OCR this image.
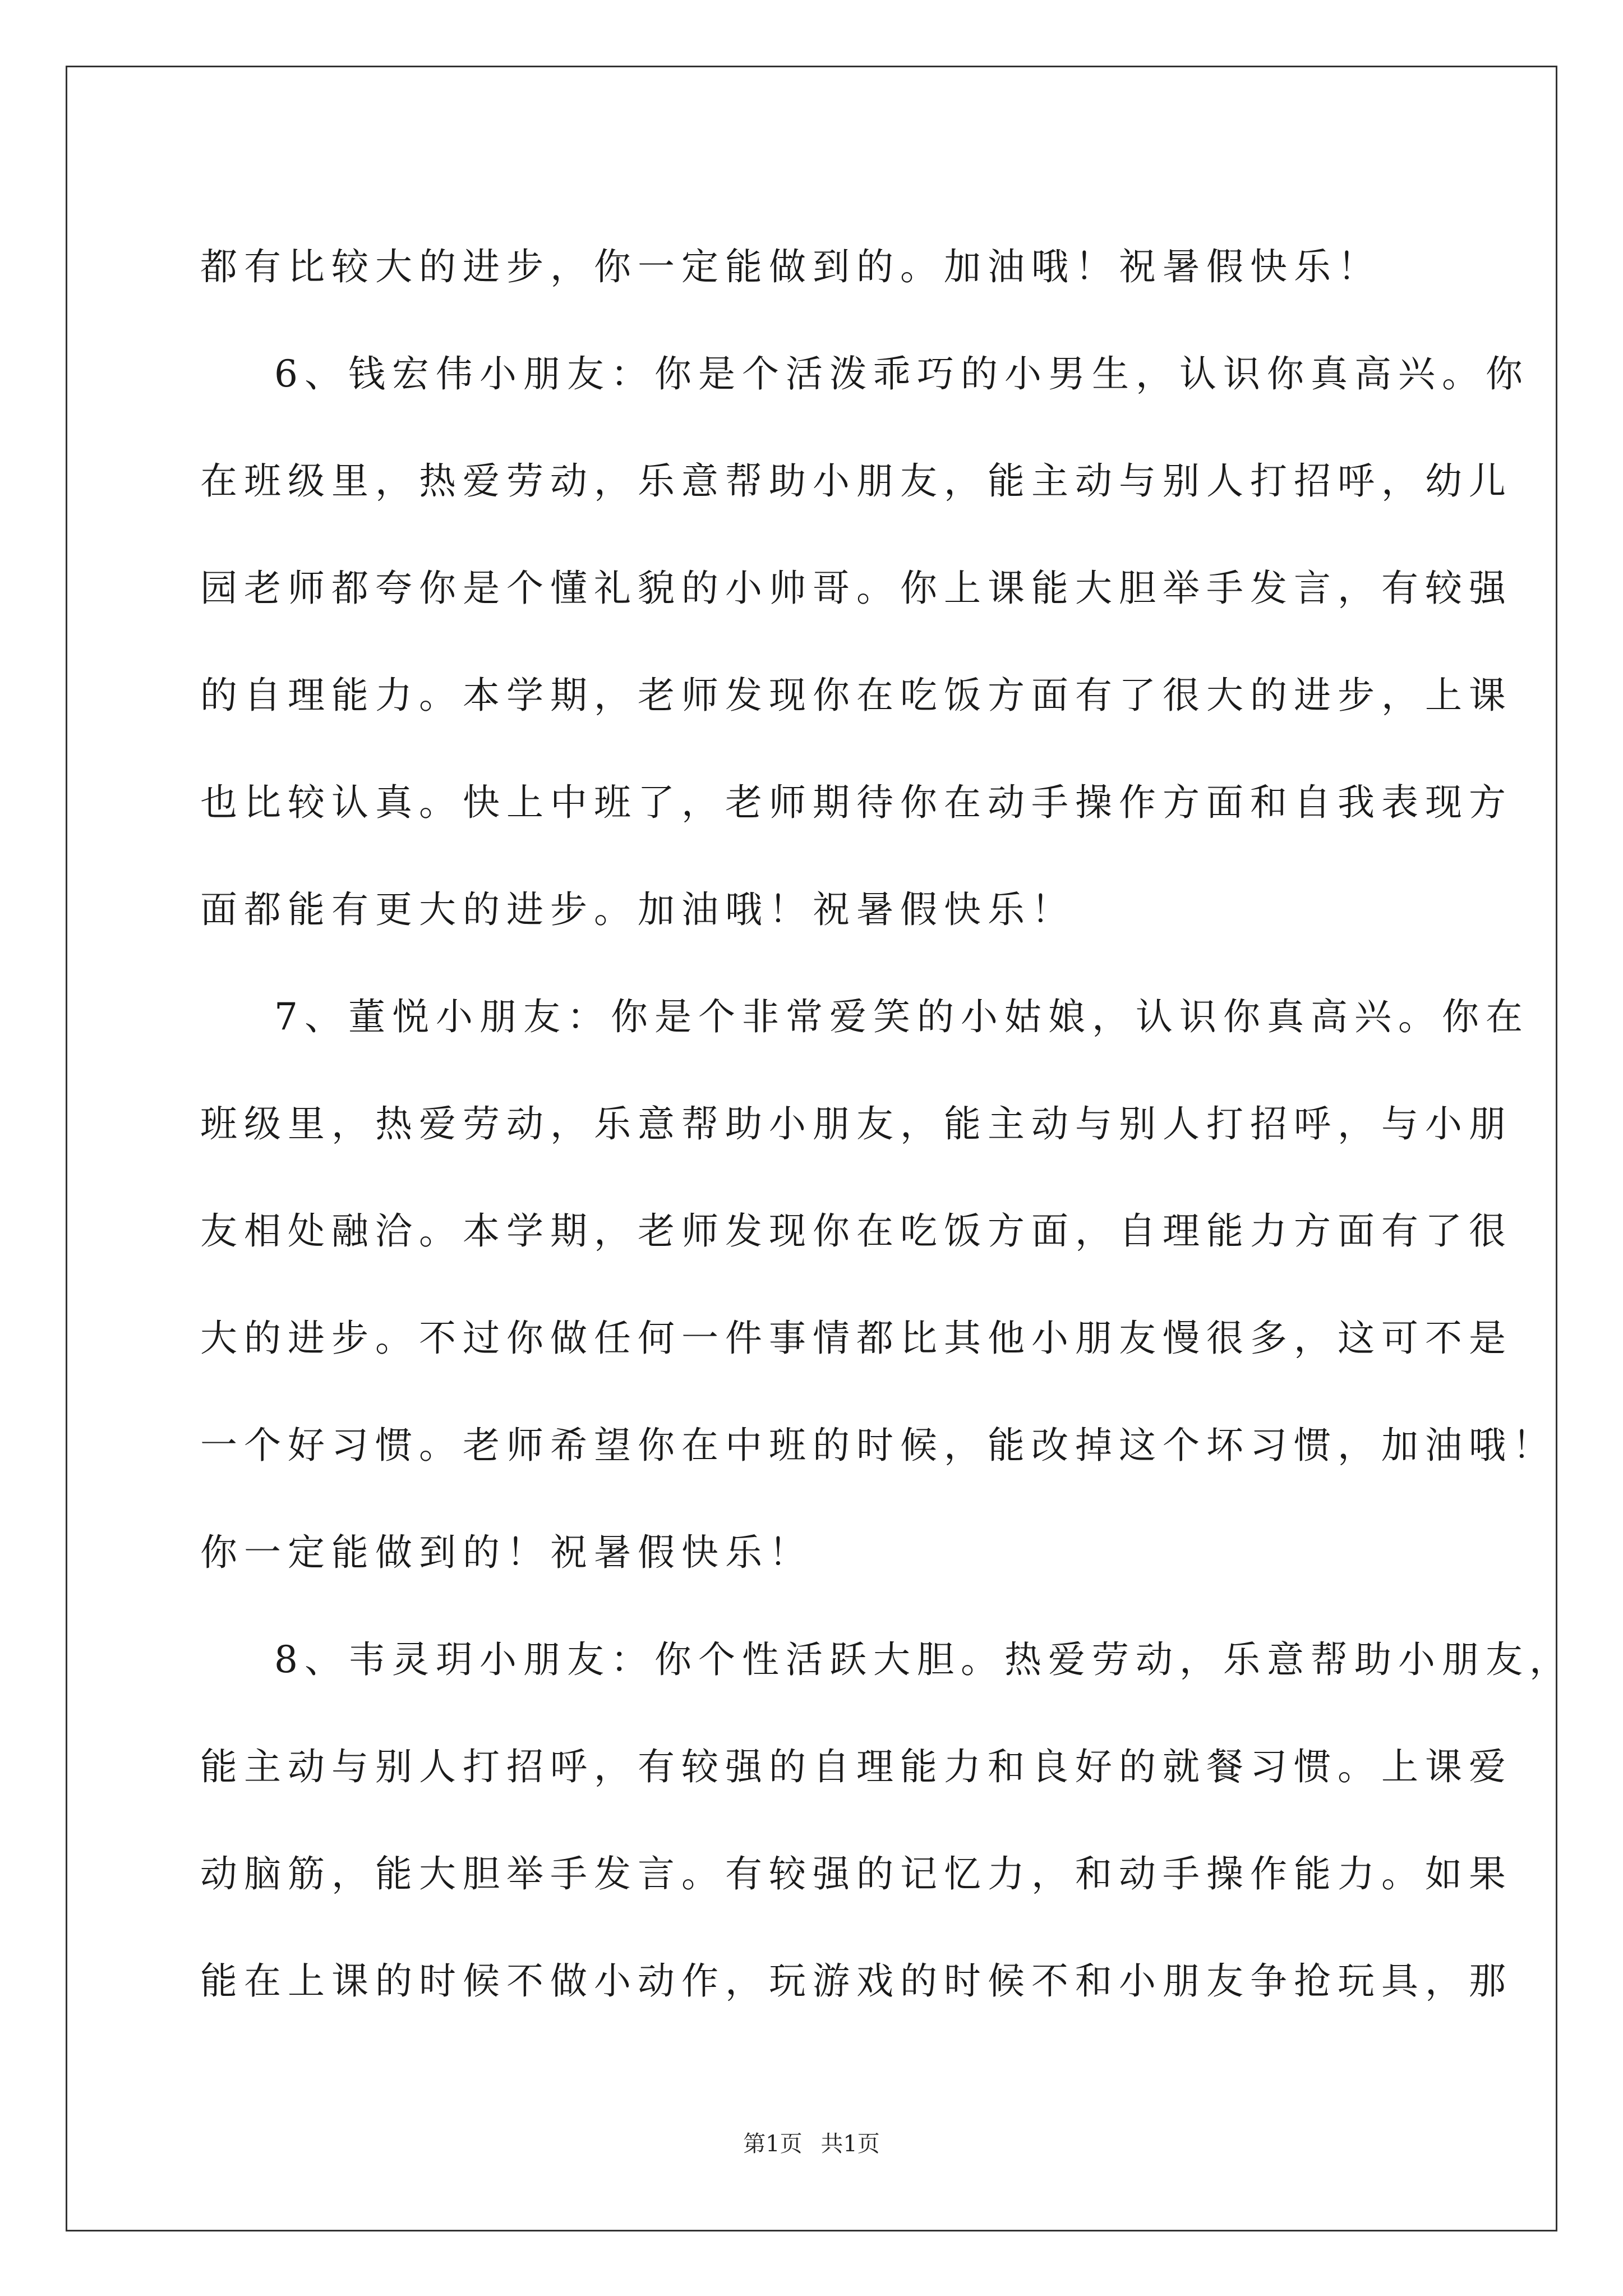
都有比较大的进步，你一定能做到的。加油哦！祝暑假快乐！
6、钱宏伟小朋友：你是个活泼乖巧的小男生，认识你真高兴。你
在班级里，热爱劳动，乐意帮助小朋友，能主动与别人打招呼，幼儿
园老师都夸你是个懂礼貌的小帅哥。你上课能大胆举手发言，有较强
的自理能力。本学期，老师发现你在吃饭方面有了很大的进步，上课
也比较认真。快上中班了，老师期待你在动手操作方面和自我表现方
面都能有更大的进步。加油哦！祝暑假快乐！
7、董悦小朋友：你是个非常爱笑的小姑娘，认识你真高兴。你在
班级里，热爱劳动，乐意帮助小朋友，能主动与别人打招呼，与小朋
友相处融洽。本学期，老师发现你在吃饭方面，自理能力方面有了很
大的进步。不过你做任何一件事情都比其他小朋友慢很多，这可不是
一个好习惯。老师希望你在中班的时候，能改掉这个坏习惯，加油哦！
你一定能做到的！祝暑假快乐！
8、韦灵玥小朋友：你个性活跃大胆。热爱劳动，乐意帮助小朋友，
能主动与别人打招呼，有较强的自理能力和良好的就餐习惯。上课爱
动脑筋，能大胆举手发言。有较强的记忆力，和动手操作能力。如果
能在上课的时候不做小动作，玩游戏的时候不和小朋友争抢玩具，那
第1页 共1页
